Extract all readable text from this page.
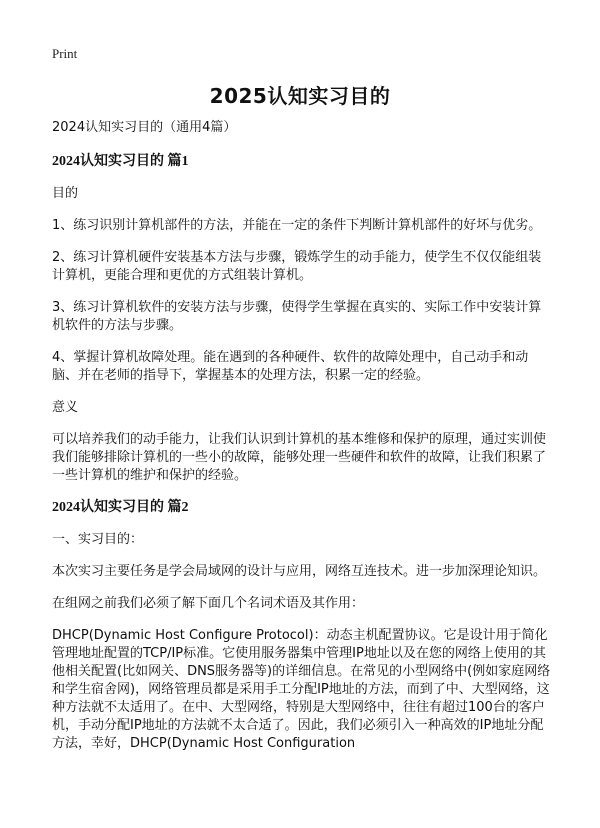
Print
2025认知实习目的

2024认知实习目的（通用4篇）

2024认知实习目的 篇1

目的

1、练习识别计算机部件的方法，并能在一定的条件下判断计算机部件的好坏与优劣。

2、练习计算机硬件安装基本方法与步骤，锻炼学生的动手能力，使学生不仅仅能组装计算机，更能合理和更优的方式组装计算机。

3、练习计算机软件的安装方法与步骤，使得学生掌握在真实的、实际工作中安装计算机软件的方法与步骤。

4、掌握计算机故障处理。能在遇到的各种硬件、软件的故障处理中，自己动手和动脑、并在老师的指导下，掌握基本的处理方法，积累一定的经验。

意义

可以培养我们的动手能力，让我们认识到计算机的基本维修和保护的原理，通过实训使我们能够排除计算机的一些小的故障，能够处理一些硬件和软件的故障，让我们积累了一些计算机的维护和保护的经验。

2024认知实习目的 篇2

一、实习目的：

本次实习主要任务是学会局域网的设计与应用，网络互连技术。进一步加深理论知识。

在组网之前我们必须了解下面几个名词术语及其作用：

DHCP(Dynamic Host Configure Protocol)：动态主机配置协议。它是设计用于简化管理地址配置的TCP/IP标准。它使用服务器集中管理IP地址以及在您的网络上使用的其他相关配置(比如网关、DNS服务器等)的详细信息。在常见的小型网络中(例如家庭网络和学生宿舍网)，网络管理员都是采用手工分配IP地址的方法，而到了中、大型网络，这种方法就不太适用了。在中、大型网络，特别是大型网络中，往往有超过100台的客户机，手动分配IP地址的方法就不太合适了。因此，我们必须引入一种高效的IP地址分配方法，幸好，DHCP(Dynamic Host Configuration
